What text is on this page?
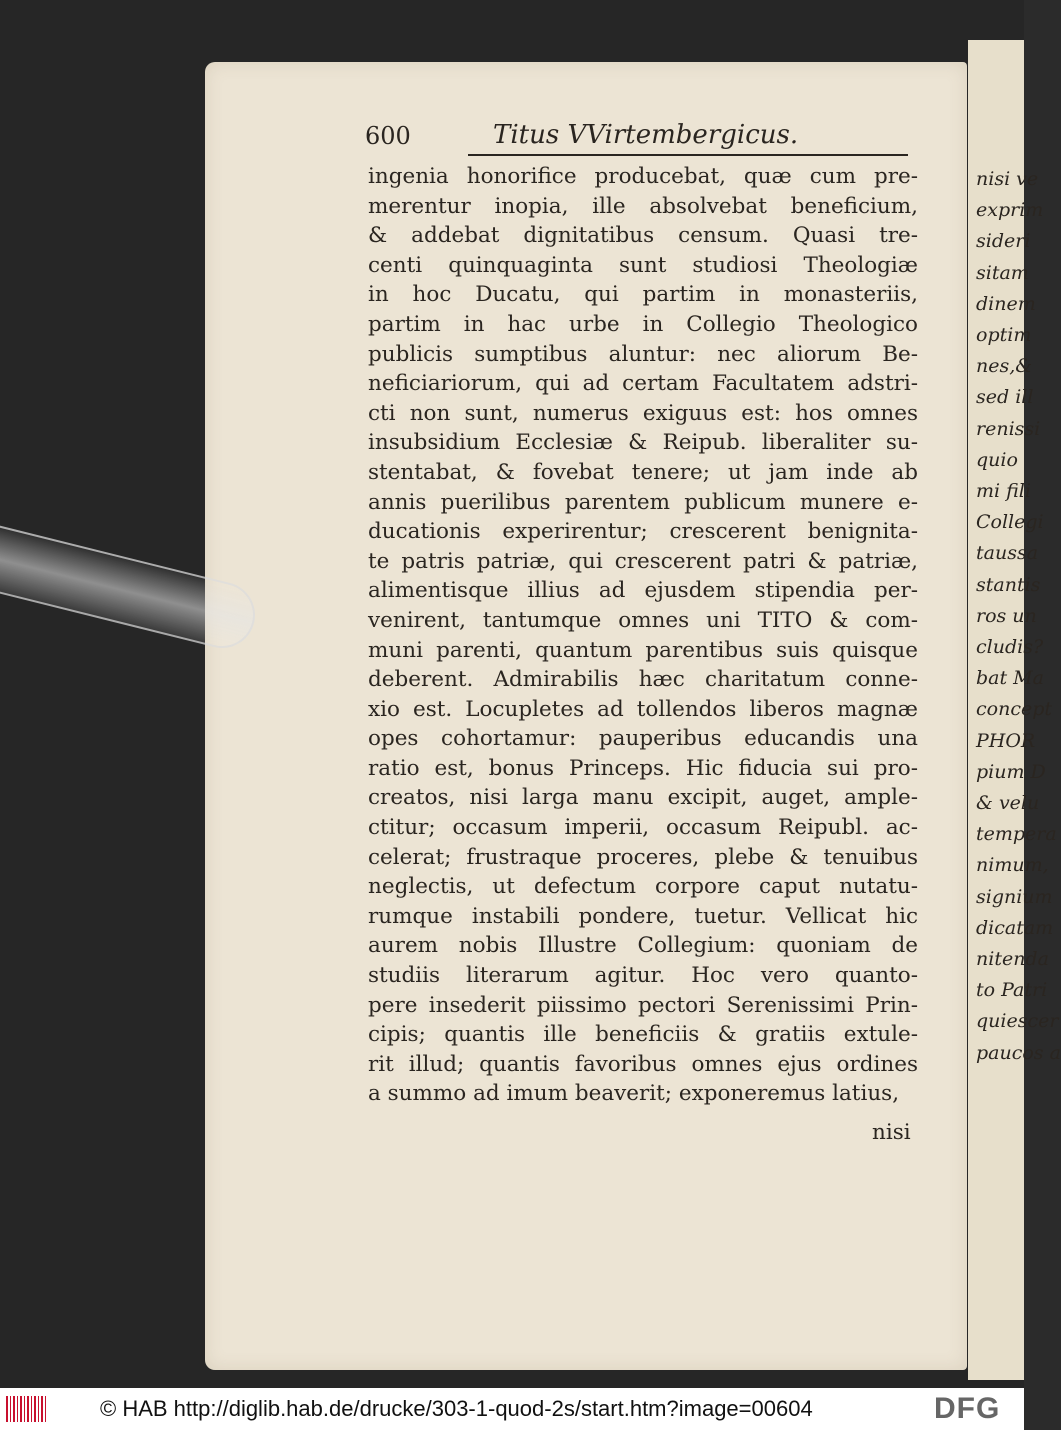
nisi ve
exprim
sideri
sitam
dinem
optim
nes,&
sed ill
renissi
quio
mi fili
Collegi
taussa
stantis
ros un
cludis?
bat Ma
concept
PHOR
pium D
& velu
tempera
nimum,
signium
dicatam
nitenda
to Patri
quiescer
paucos a
600	Titus VVirtembergicus.
ingenia honorifice producebat, quæ cum pre-
merentur inopia, ille absolvebat beneficium,
& addebat dignitatibus censum. Quasi tre-
centi quinquaginta sunt studiosi Theologiæ
in hoc Ducatu, qui partim in monasteriis,
partim in hac urbe in Collegio Theologico
publicis sumptibus aluntur: nec aliorum Be-
neficiariorum, qui ad certam Facultatem adstri-
cti non sunt, numerus exiguus est: hos omnes
insubsidium Ecclesiæ & Reipub. liberaliter su-
stentabat, & fovebat tenere; ut jam inde ab
annis puerilibus parentem publicum munere e-
ducationis experirentur; crescerent benignita-
te patris patriæ, qui crescerent patri & patriæ,
alimentisque illius ad ejusdem stipendia per-
venirent, tantumque omnes uni TITO & com-
muni parenti, quantum parentibus suis quisque
deberent. Admirabilis hæc charitatum conne-
xio est. Locupletes ad tollendos liberos magnæ
opes cohortamur: pauperibus educandis una
ratio est, bonus Princeps. Hic fiducia sui pro-
creatos, nisi larga manu excipit, auget, ample-
ctitur; occasum imperii, occasum Reipubl. ac-
celerat; frustraque proceres, plebe & tenuibus
neglectis, ut defectum corpore caput nutatu-
rumque instabili pondere, tuetur. Vellicat hic
aurem nobis Illustre Collegium: quoniam de
studiis literarum agitur. Hoc vero quanto-
pere insederit piissimo pectori Serenissimi Prin-
cipis; quantis ille beneficiis & gratiis extule-
rit illud; quantis favoribus omnes ejus ordines
a summo ad imum beaverit; exponeremus latius,
nisi
© HAB http://diglib.hab.de/drucke/303-1-quod-2s/start.htm?image=00604	DFG
